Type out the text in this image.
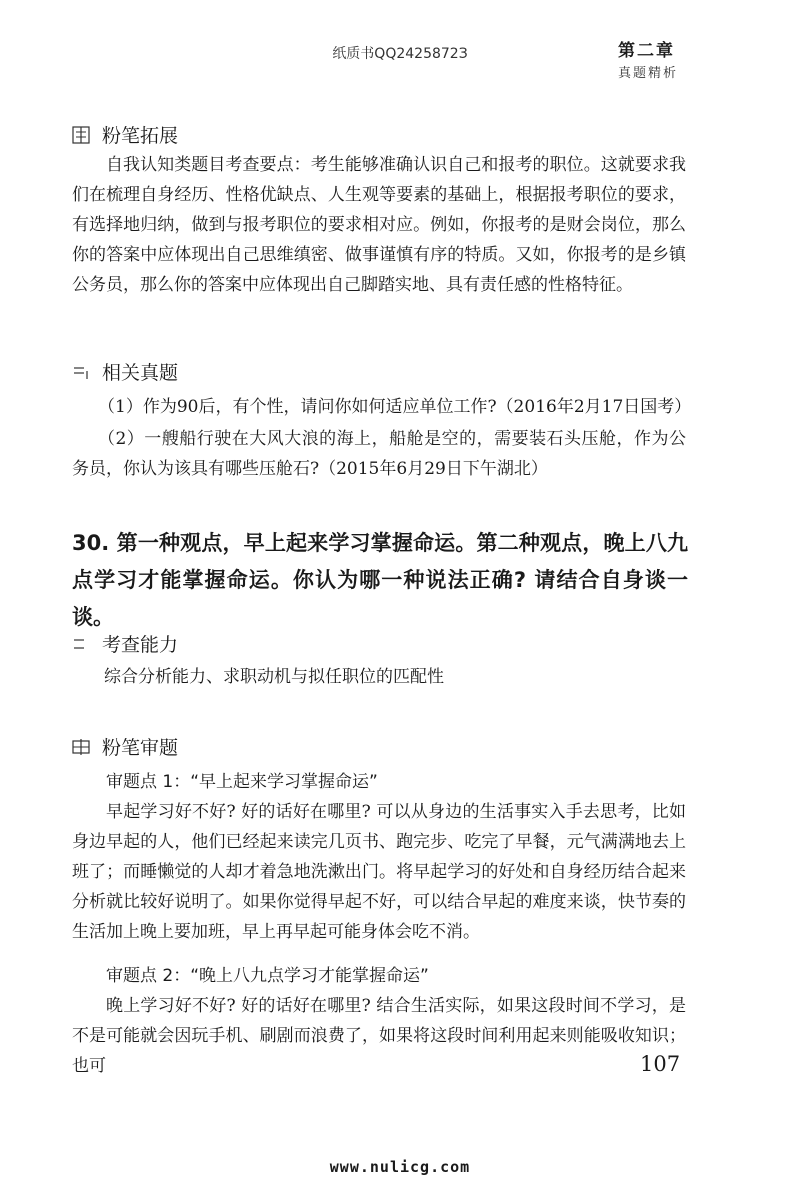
纸质书QQ2425872З	第二章
真题精析
粉笔拓展

自我认知类题目考查要点：考生能够准确认识自己和报考的职位。这就要求我们在梳理自身经历、性格优缺点、人生观等要素的基础上，根据报考职位的要求，有选择地归纳，做到与报考职位的要求相对应。例如，你报考的是财会岗位，那么你的答案中应体现出自己思维缜密、做事谨慎有序的特质。又如，你报考的是乡镇公务员，那么你的答案中应体现出自己脚踏实地、具有责任感的性格特征。

相关真题

（1）作为90后，有个性，请问你如何适应单位工作?（2016年2月17日国考）

（2）一艘船行驶在大风大浪的海上，船舱是空的，需要装石头压舱，作为公务员，你认为该具有哪些压舱石?（2015年6月29日下午湖北）

30. 第一种观点，早上起来学习掌握命运。第二种观点，晚上八九点学习才能掌握命运。你认为哪一种说法正确? 请结合自身谈一谈。

考查能力

综合分析能力、求职动机与拟任职位的匹配性

粉笔审题
审题点 1：“早上起来学习掌握命运”

早起学习好不好? 好的话好在哪里? 可以从身边的生活事实入手去思考，比如身边早起的人，他们已经起来读完几页书、跑完步、吃完了早餐，元气满满地去上班了；而睡懒觉的人却才着急地洗漱出门。将早起学习的好处和自身经历结合起来分析就比较好说明了。如果你觉得早起不好，可以结合早起的难度来谈，快节奏的生活加上晚上要加班，早上再早起可能身体会吃不消。

审题点 2：“晚上八九点学习才能掌握命运”

晚上学习好不好? 好的话好在哪里? 结合生活实际，如果这段时间不学习，是不是可能就会因玩手机、刷剧而浪费了，如果将这段时间利用起来则能吸收知识；也可	107
www.nulicg.com
